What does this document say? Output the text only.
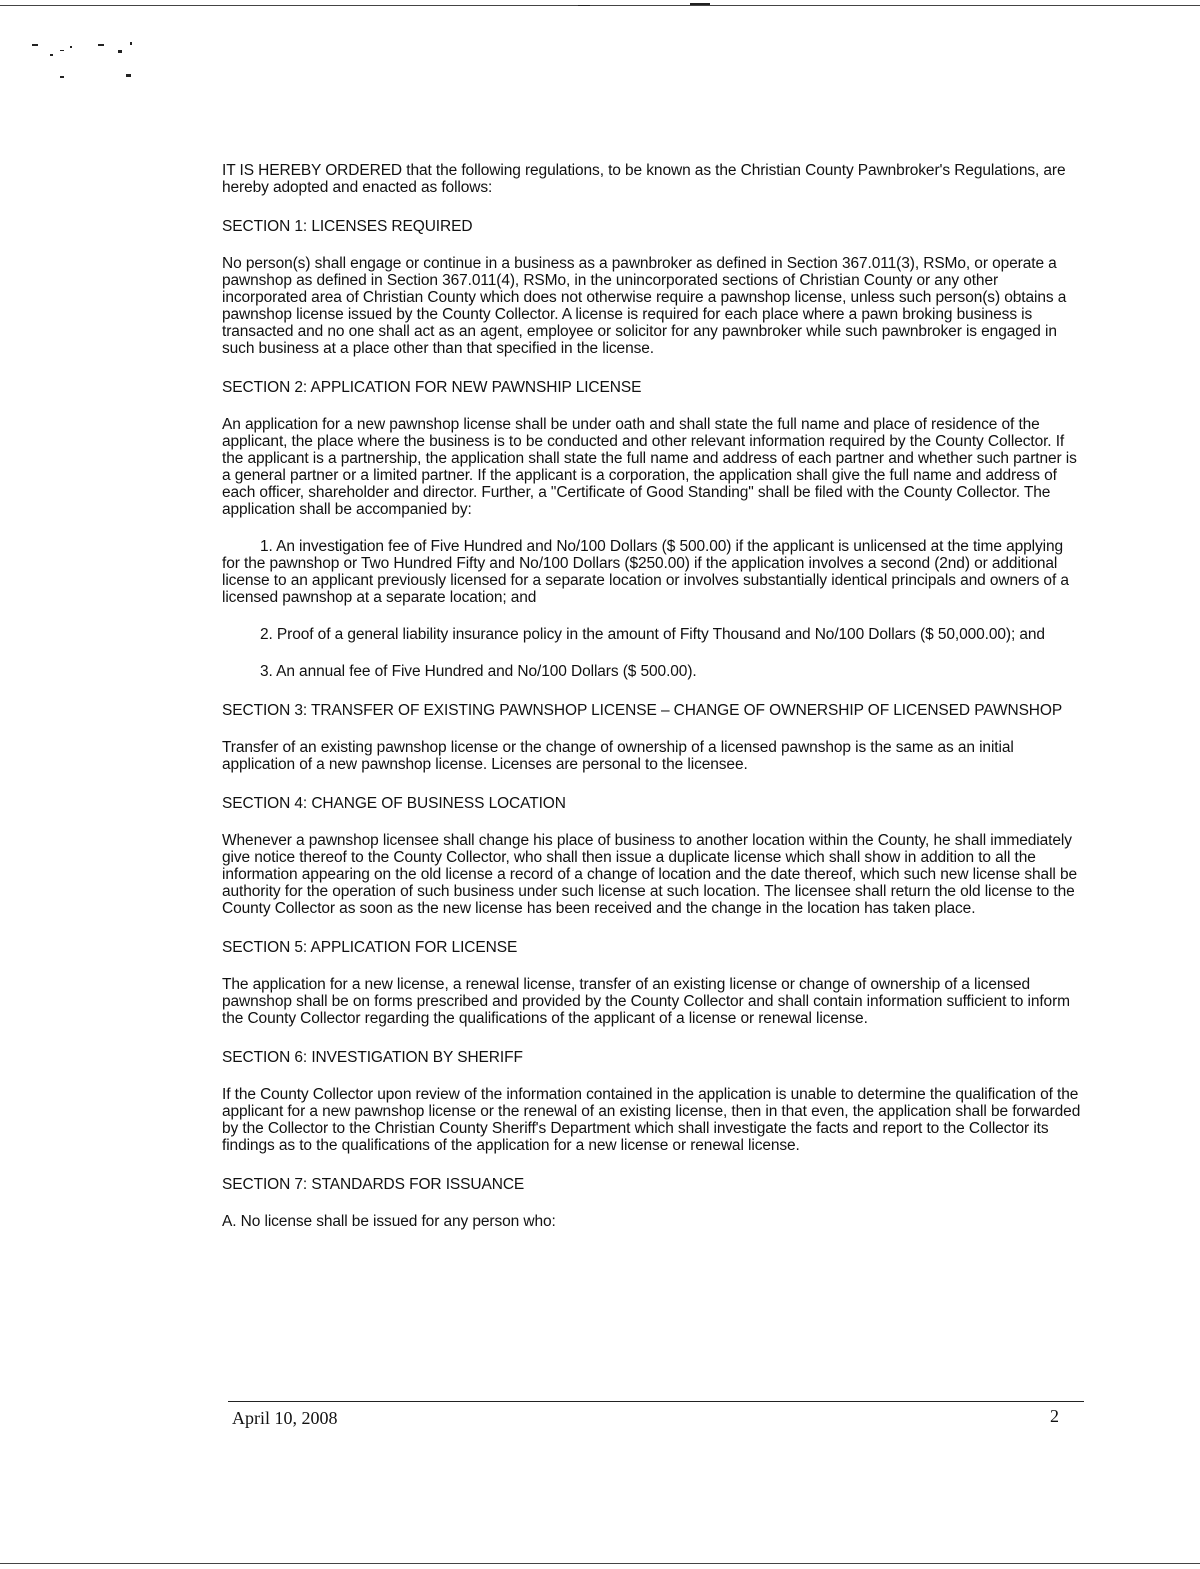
IT IS HEREBY ORDERED that the following regulations, to be known as the Christian County Pawnbroker's Regulations, are hereby adopted and enacted as follows:

SECTION 1: LICENSES REQUIRED

No person(s) shall engage or continue in a business as a pawnbroker as defined in Section 367.011(3), RSMo, or operate a pawnshop as defined in Section 367.011(4), RSMo, in the unincorporated sections of Christian County or any other incorporated area of Christian County which does not otherwise require a pawnshop license, unless such person(s) obtains a pawnshop license issued by the County Collector. A license is required for each place where a pawn broking business is transacted and no one shall act as an agent, employee or solicitor for any pawnbroker while such pawnbroker is engaged in such business at a place other than that specified in the license.

SECTION 2: APPLICATION FOR NEW PAWNSHIP LICENSE

An application for a new pawnshop license shall be under oath and shall state the full name and place of residence of the applicant, the place where the business is to be conducted and other relevant information required by the County Collector. If the applicant is a partnership, the application shall state the full name and address of each partner and whether such partner is a general partner or a limited partner. If the applicant is a corporation, the application shall give the full name and address of each officer, shareholder and director. Further, a "Certificate of Good Standing" shall be filed with the County Collector. The application shall be accompanied by:

1. An investigation fee of Five Hundred and No/100 Dollars ($ 500.00) if the applicant is unlicensed at the time applying for the pawnshop or Two Hundred Fifty and No/100 Dollars ($250.00) if the application involves a second (2nd) or additional license to an applicant previously licensed for a separate location or involves substantially identical principals and owners of a licensed pawnshop at a separate location; and

2. Proof of a general liability insurance policy in the amount of Fifty Thousand and No/100 Dollars ($ 50,000.00); and

3. An annual fee of Five Hundred and No/100 Dollars ($ 500.00).

SECTION 3: TRANSFER OF EXISTING PAWNSHOP LICENSE – CHANGE OF OWNERSHIP OF LICENSED PAWNSHOP

Transfer of an existing pawnshop license or the change of ownership of a licensed pawnshop is the same as an initial application of a new pawnshop license. Licenses are personal to the licensee.

SECTION 4: CHANGE OF BUSINESS LOCATION

Whenever a pawnshop licensee shall change his place of business to another location within the County, he shall immediately give notice thereof to the County Collector, who shall then issue a duplicate license which shall show in addition to all the information appearing on the old license a record of a change of location and the date thereof, which such new license shall be authority for the operation of such business under such license at such location. The licensee shall return the old license to the County Collector as soon as the new license has been received and the change in the location has taken place.

SECTION 5: APPLICATION FOR LICENSE

The application for a new license, a renewal license, transfer of an existing license or change of ownership of a licensed pawnshop shall be on forms prescribed and provided by the County Collector and shall contain information sufficient to inform the County Collector regarding the qualifications of the applicant of a license or renewal license.

SECTION 6: INVESTIGATION BY SHERIFF

If the County Collector upon review of the information contained in the application is unable to determine the qualification of the applicant for a new pawnshop license or the renewal of an existing license, then in that even, the application shall be forwarded by the Collector to the Christian County Sheriff's Department which shall investigate the facts and report to the Collector its findings as to the qualifications of the application for a new license or renewal license.

SECTION 7: STANDARDS FOR ISSUANCE

A. No license shall be issued for any person who:

April 10, 2008	2
